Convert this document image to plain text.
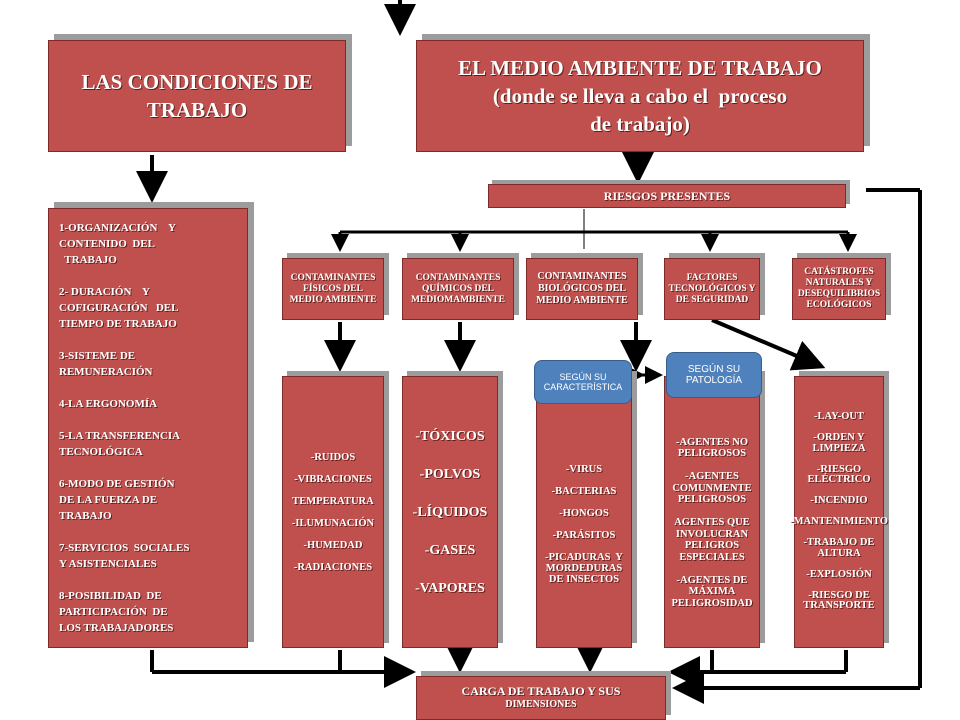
LAS CONDICIONES DE
TRABAJO
EL MEDIO AMBIENTE DE TRABAJO
(donde se lleva a cabo el  proceso
de trabajo)
RIESGOS PRESENTES
1-ORGANIZACIÓN    Y
CONTENIDO  DEL
TRABAJO

2- DURACIÓN    Y
COFIGURACIÓN   DEL
TIEMPO DE TRABAJO

3-SISTEME DE
REMUNERACIÓN

4-LA ERGONOMÍA

5-LA TRANSFERENCIA
TECNOLÓGICA

6-MODO DE GESTIÓN
DE LA FUERZA DE
TRABAJO

7-SERVICIOS  SOCIALES
Y ASISTENCIALES

8-POSIBILIDAD  DE
PARTICIPACIÓN  DE
LOS TRABAJADORES
CONTAMINANTES
FÍSICOS DEL
MEDIO AMBIENTE
CONTAMINANTES
QUÍMICOS DEL
MEDIOMAMBIENTE
CONTAMINANTES
BIOLÓGICOS DEL
MEDIO AMBIENTE
FACTORES
TECNOLÓGICOS Y
DE SEGURIDAD
CATÁSTROFES
NATURALES Y
DESEQUILIBRIOS
ECOLÓGICOS
-RUIDOS

-VIBRACIONES

TEMPERATURA

-ILUMUNACIÓN

-HUMEDAD

-RADIACIONES
-TÓXICOS

-POLVOS

-LÍQUIDOS

-GASES

-VAPORES
-VIRUS

-BACTERIAS

-HONGOS

-PARÁSITOS

-PICADURAS  Y
MORDEDURAS
DE INSECTOS
-AGENTES NO
PELIGROSOS

-AGENTES
COMUNMENTE
PELIGROSOS

AGENTES QUE
INVOLUCRAN
PELIGROS
ESPECIALES

-AGENTES DE
MÁXIMA
PELIGROSIDAD
-LAY-OUT

-ORDEN Y
LIMPIEZA

-RIESGO
ELÉCTRICO

-INCENDIO

-MANTENIMIENTO

-TRABAJO DE
ALTURA

-EXPLOSIÓN

-RIESGO DE
TRANSPORTE
SEGÚN SU
CARACTERÍSTICA
SEGÚN SU
PATOLOGÍA
CARGA DE TRABAJO Y SUS
DIMENSIONES
